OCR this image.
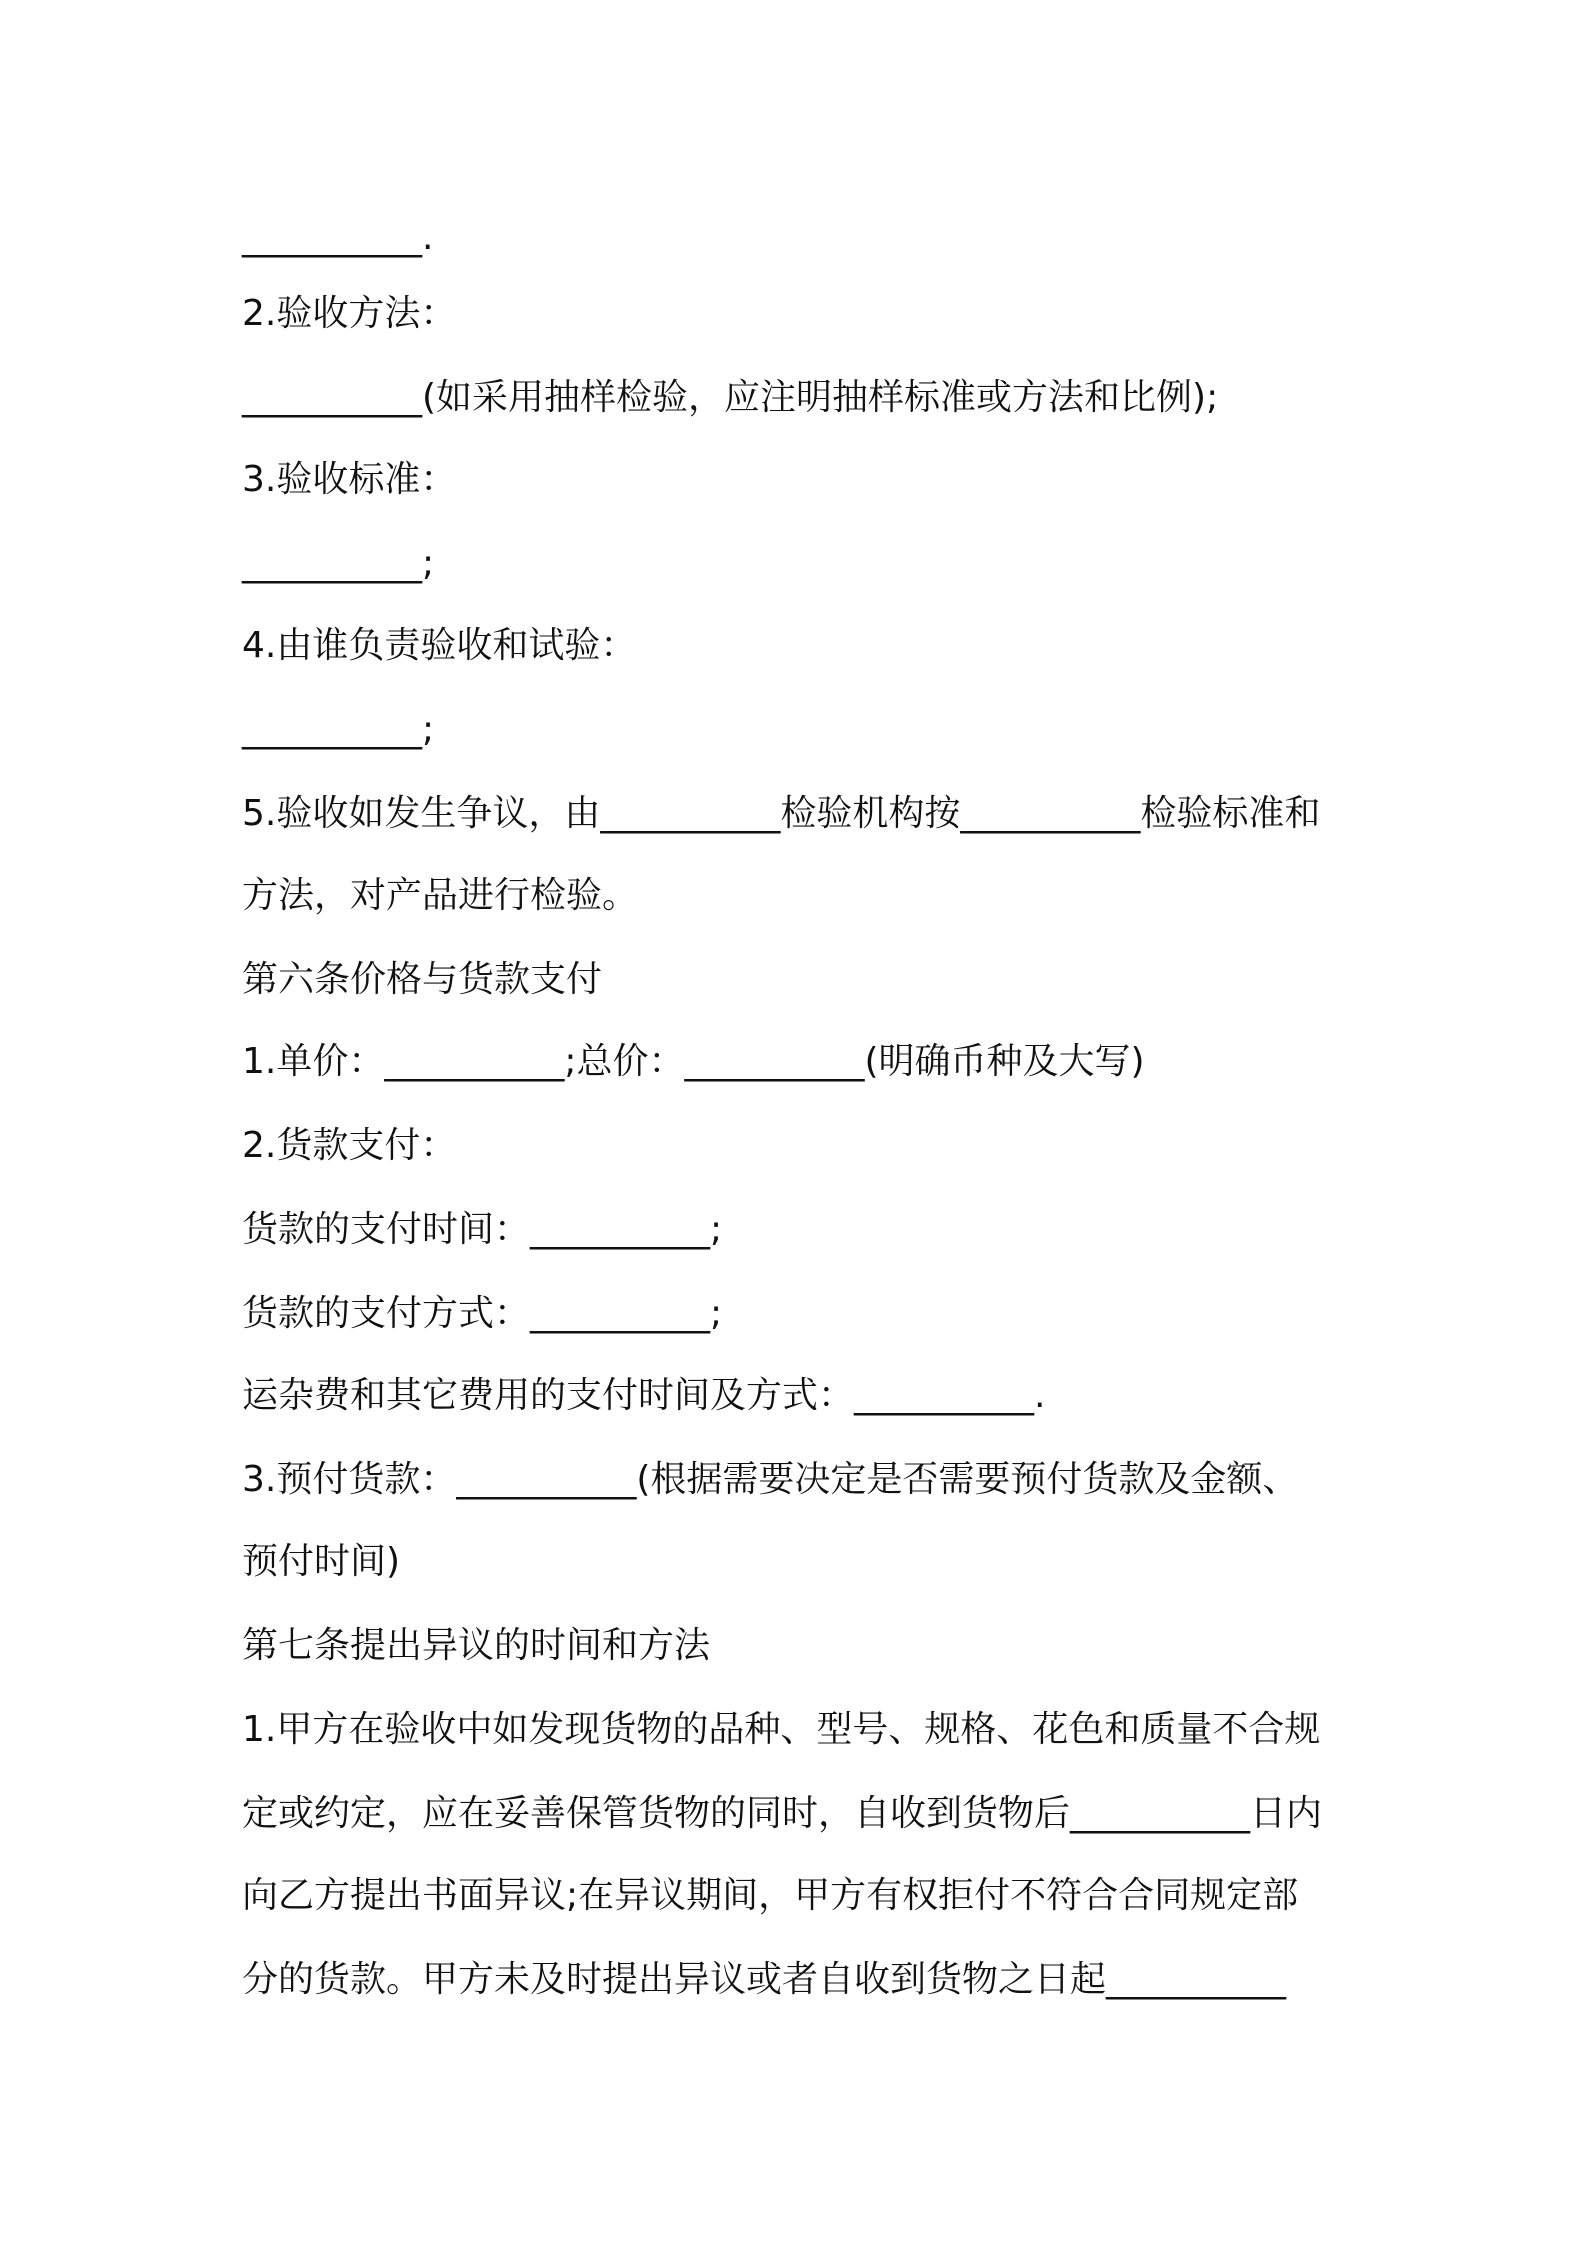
__________.
2.验收方法：
__________(如采用抽样检验，应注明抽样标准或方法和比例);
3.验收标准：
__________;
4.由谁负责验收和试验：
__________;
5.验收如发生争议，由__________检验机构按__________检验标准和
方法，对产品进行检验。
第六条价格与货款支付
1.单价：__________;总价：__________(明确币种及大写)
2.货款支付：
货款的支付时间：__________;
货款的支付方式：__________;
运杂费和其它费用的支付时间及方式：__________.
3.预付货款：__________(根据需要决定是否需要预付货款及金额、
预付时间)
第七条提出异议的时间和方法
1.甲方在验收中如发现货物的品种、型号、规格、花色和质量不合规
定或约定，应在妥善保管货物的同时，自收到货物后__________日内
向乙方提出书面异议;在异议期间，甲方有权拒付不符合合同规定部
分的货款。甲方未及时提出异议或者自收到货物之日起__________
